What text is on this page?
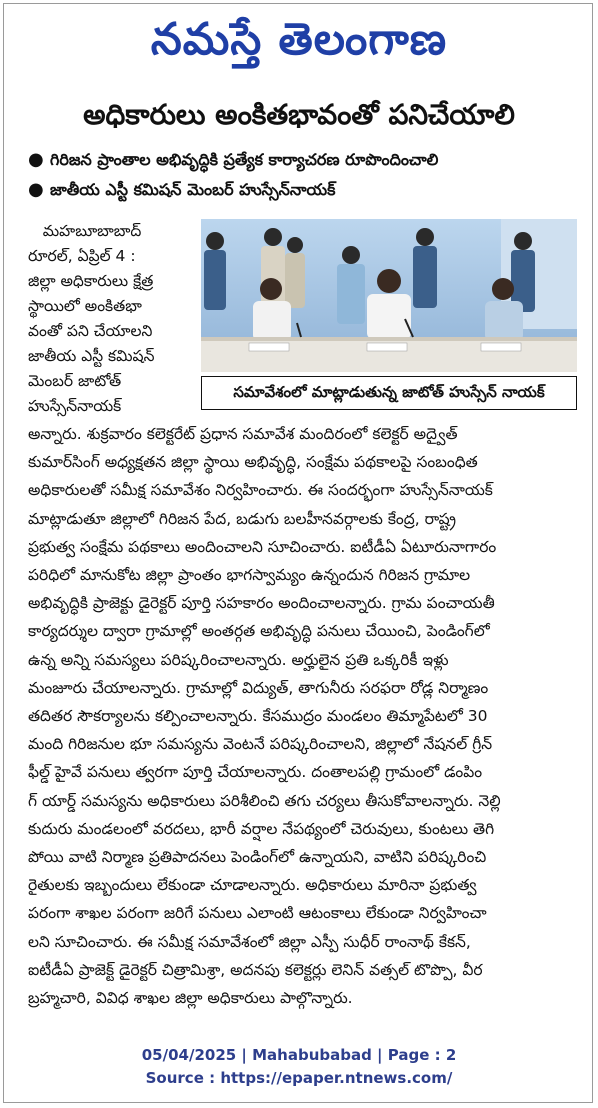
నమస్తే తెలంగాణ
అధికారులు అంకితభావంతో పనిచేయాలి
● గిరిజన ప్రాంతాల అభివృద్ధికి ప్రత్యేక కార్యాచరణ రూపొందించాలి
● జాతీయ ఎస్టీ కమిషన్ మెంబర్ హుస్సేన్‌నాయక్
మహబూబాబాద్
రూరల్, ఏప్రిల్ 4 :
జిల్లా అధికారులు క్షేత్ర
స్థాయిలో అంకితభా
వంతో పని చేయాలని
జాతీయ ఎస్టీ కమిషన్
మెంబర్ జాటోత్
హుస్సేన్‌నాయక్
సమావేశంలో మాట్లాడుతున్న జాటోత్ హుస్సేన్ నాయక్
అన్నారు. శుక్రవారం కలెక్టరేట్ ప్రధాన సమావేశ మందిరంలో కలెక్టర్ అద్వైత్
కుమార్‌సింగ్ అధ్యక్షతన జిల్లా స్థాయి అభివృద్ధి, సంక్షేమ పథకాలపై సంబంధిత
అధికారులతో సమీక్ష సమావేశం నిర్వహించారు. ఈ సందర్భంగా హుస్సేన్‌నాయక్
మాట్లాడుతూ జిల్లాలో గిరిజన పేద, బడుగు బలహీనవర్గాలకు కేంద్ర, రాష్ట్ర
ప్రభుత్వ సంక్షేమ పథకాలు అందించాలని సూచించారు. ఐటీడీఏ ఏటూరునాగారం
పరిధిలో మానుకోట జిల్లా ప్రాంతం భాగస్వామ్యం ఉన్నందున గిరిజన గ్రామాల
అభివృద్ధికి ప్రాజెక్టు డైరెక్టర్ పూర్తి సహకారం అందించాలన్నారు. గ్రామ పంచాయతీ
కార్యదర్శుల ద్వారా గ్రామాల్లో అంతర్గత అభివృద్ధి పనులు చేయించి, పెండింగ్‌లో
ఉన్న అన్ని సమస్యలు పరిష్కరించాలన్నారు. అర్హులైన ప్రతి ఒక్కరికీ ఇళ్లు
మంజూరు చేయాలన్నారు. గ్రామాల్లో విద్యుత్, తాగునీరు సరఫరా రోడ్ల నిర్మాణం
తదితర సౌకర్యాలను కల్పించాలన్నారు. కేసముద్రం మండలం తిమ్మాపేటలో 30
మంది గిరిజనుల భూ సమస్యను వెంటనే పరిష్కరించాలని, జిల్లాలో నేషనల్ గ్రీన్
ఫీల్డ్ హైవే పనులు త్వరగా పూర్తి చేయాలన్నారు. దంతాలపల్లి గ్రామంలో డంపిం
గ్ యార్డ్ సమస్యను అధికారులు పరిశీలించి తగు చర్యలు తీసుకోవాలన్నారు. నెల్లి
కుదురు మండలంలో వరదలు, భారీ వర్షాల నేపథ్యంలో చెరువులు, కుంటలు తెగి
పోయి వాటి నిర్మాణ ప్రతిపాదనలు పెండింగ్‌లో ఉన్నాయని, వాటిని పరిష్కరించి
రైతులకు ఇబ్బందులు లేకుండా చూడాలన్నారు. అధికారులు మారినా ప్రభుత్వ
పరంగా శాఖల పరంగా జరిగే పనులు ఎలాంటి ఆటంకాలు లేకుండా నిర్వహించా
లని సూచించారు. ఈ సమీక్ష సమావేశంలో జిల్లా ఎస్పీ సుధీర్ రాంనాథ్ కేకన్,
ఐటీడీఏ ప్రాజెక్ట్ డైరెక్టర్ చిత్రామిశ్రా, అదనపు కలెక్టర్లు లెనిన్ వత్సల్ టొప్పొ, వీర
బ్రహ్మచారి, వివిధ శాఖల జిల్లా అధికారులు పాల్గొన్నారు.
05/04/2025 | Mahabubabad | Page : 2
Source : https://epaper.ntnews.com/
